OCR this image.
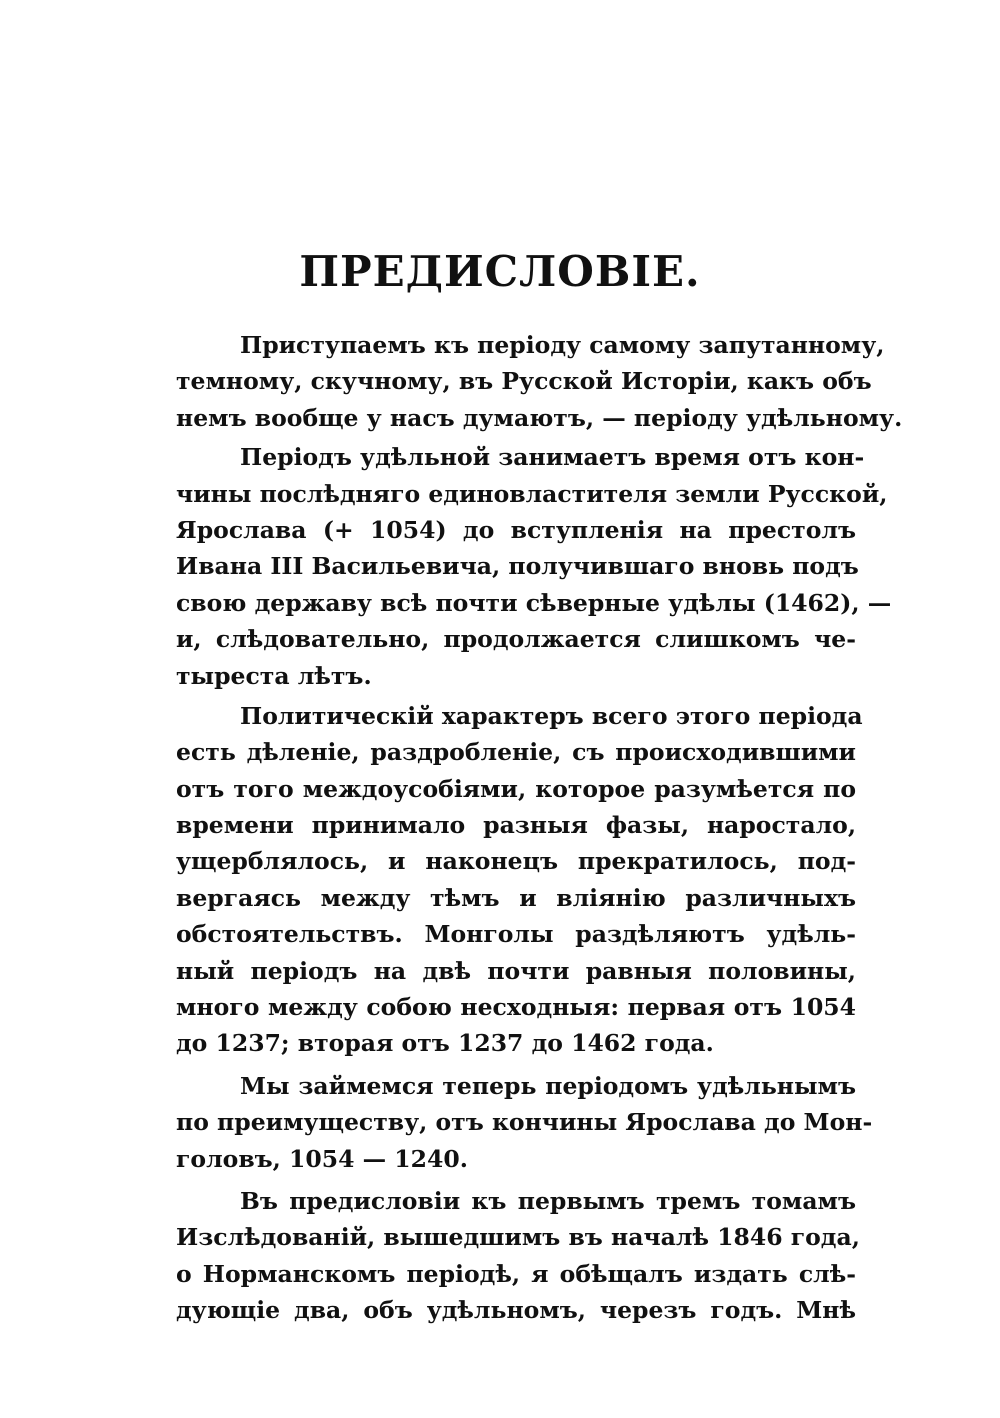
ПРЕДИСЛОВІЕ.
Приступаемъ къ періоду самому запутанному,
темному, скучному, въ Русской Исторіи, какъ объ
немъ вообще у насъ думаютъ, — періоду удѣльному.
Періодъ удѣльной занимаетъ время отъ кон-
чины послѣдняго единовластителя земли Русской,
Ярослава (+ 1054) до вступленія на престолъ
Ивана III Васильевича, получившаго вновь подъ
свою державу всѣ почти сѣверные удѣлы (1462), —
и, слѣдовательно, продолжается слишкомъ че-
тыреста лѣтъ.
Политическій характеръ всего этого періода
есть дѣленіе, раздробленіе, съ происходившими
отъ того междоусобіями, которое разумѣется по
времени принимало разныя фазы, наростало,
ущерблялось, и наконецъ прекратилось, под-
вергаясь между тѣмъ и вліянію различныхъ
обстоятельствъ. Монголы раздѣляютъ удѣль-
ный періодъ на двѣ почти равныя половины,
много между собою несходныя: первая отъ 1054
до 1237; вторая отъ 1237 до 1462 года.
Мы займемся теперь періодомъ удѣльнымъ
по преимуществу, отъ кончины Ярослава до Мон-
головъ, 1054 — 1240.
Въ предисловіи къ первымъ тремъ томамъ
Изслѣдованій, вышедшимъ въ началѣ 1846 года,
о Норманскомъ періодѣ, я обѣщалъ издать слѣ-
дующіе два, объ удѣльномъ, черезъ годъ. Мнѣ
